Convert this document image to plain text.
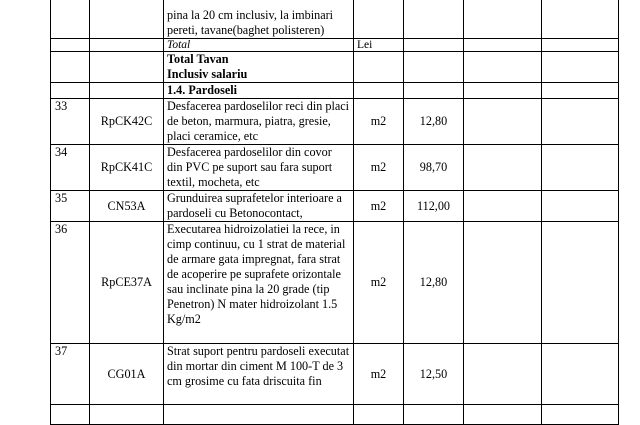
		pina la 20 cm inclusiv, la imbinari pereti, tavane(baghet polisteren)				
		Total	Lei			

		Total Tavan
Inclusiv salariu				

		1.4. Pardoseli				
33	RpCK42C	Desfacerea pardoselilor reci din placi de beton, marmura, piatra, gresie, placi ceramice, etc	m2	12,80		
34	RpCK41C	Desfacerea pardoselilor din covor din PVC pe suport sau fara suport textil, mocheta, etc	m2	98,70		
35	CN53A	Grunduirea suprafetelor interioare a pardoseli cu Betonocontact,	m2	112,00		
36	RpCE37A	Executarea hidroizolatiei la rece, in cimp continuu, cu 1 strat de material de armare gata impregnat, fara strat de acoperire pe suprafete orizontale sau inclinate pina la 20 grade (tip Penetron) N mater hidroizolant 1.5 Kg/m2	m2	12,80		
37	CG01A	Strat suport pentru pardoseli executat din mortar din ciment M 100-T de 3 cm grosime cu fata driscuita fin	m2	12,50		
